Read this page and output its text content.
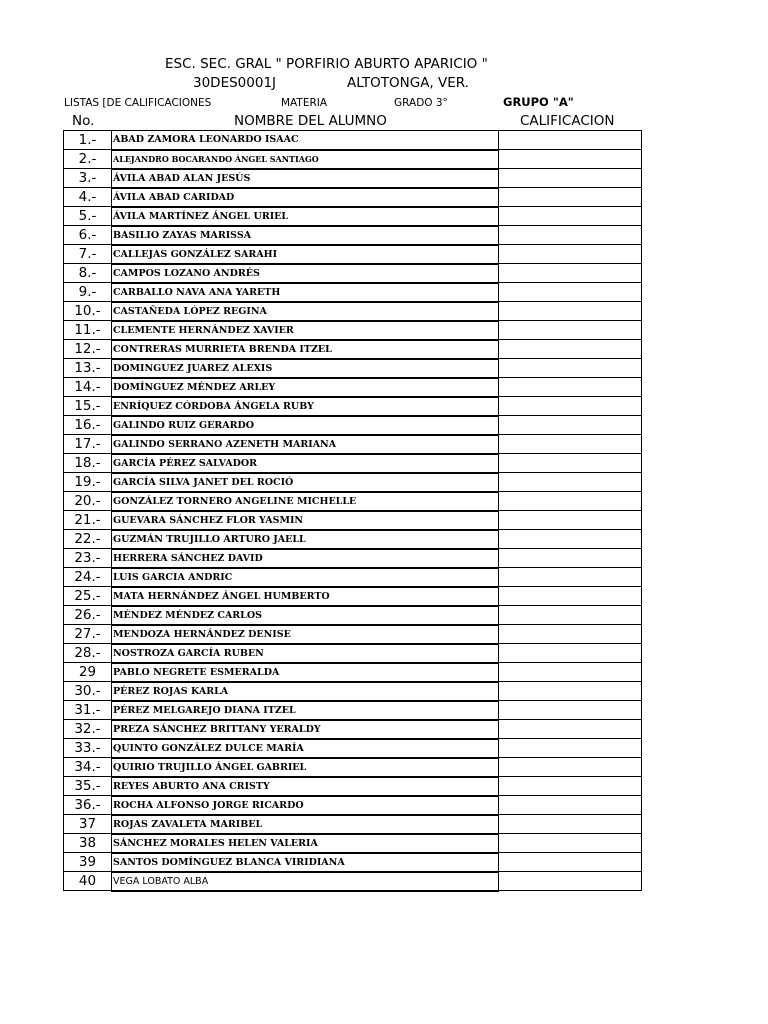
ESC. SEC. GRAL " PORFIRIO ABURTO APARICIO "
30DES0001J	ALTOTONGA, VER.
LISTAS [DE CALIFICACIONES	MATERIA	GRADO 3°	GRUPO "A"
No.	NOMBRE DEL ALUMNO	CALIFICACION
1.-	ABAD ZAMORA LEONARDO ISAAC	
2.-	ALEJANDRO BOCARANDO ÁNGEL SANTIAGO	
3.-	ÁVILA ABAD ALAN JESÚS	
4.-	ÁVILA ABAD CARIDAD	
5.-	ÁVILA MARTÍNEZ ÁNGEL URIEL	
6.-	BASILIO ZAYAS MARISSA	
7.-	CALLEJAS GONZÁLEZ SARAHI	
8.-	CAMPOS LOZANO ANDRÉS	
9.-	CARBALLO NAVA ANA YARETH	
10.-	CASTAÑEDA LÓPEZ REGINA	
11.-	CLEMENTE HERNÁNDEZ XAVIER	
12.-	CONTRERAS MURRIETA BRENDA ITZEL	
13.-	DOMINGUEZ JUAREZ ALEXIS	
14.-	DOMÍNGUEZ MÉNDEZ ARLEY	
15.-	ENRÍQUEZ CÓRDOBA ÁNGELA RUBY	
16.-	GALINDO RUIZ GERARDO	
17.-	GALINDO SERRANO AZENETH MARIANA	
18.-	GARCÍA PÉREZ SALVADOR	
19.-	GARCÍA SILVA JANET DEL ROCIÓ	
20.-	GONZÁLEZ TORNERO ANGELINE MICHELLE	
21.-	GUEVARA SÁNCHEZ FLOR YASMIN	
22.-	GUZMÁN TRUJILLO ARTURO JAELL	
23.-	HERRERA SÁNCHEZ DAVID	
24.-	LUIS GARCIA ANDRIC	
25.-	MATA HERNÁNDEZ ÁNGEL HUMBERTO	
26.-	MÉNDEZ MÉNDEZ CARLOS	
27.-	MENDOZA HERNÁNDEZ DENISE	
28.-	NOSTROZA GARCÍA RUBEN	
29	PABLO NEGRETE ESMERALDA	
30.-	PÉREZ ROJAS KARLA	
31.-	PÉREZ MELGAREJO DIANA ITZEL	
32.-	PREZA SÁNCHEZ BRITTANY YERALDY	
33.-	QUINTO GONZÁLEZ DULCE MARÍA	
34.-	QUIRIO TRUJILLO ÁNGEL GABRIEL	
35.-	REYES ABURTO ANA CRISTY	
36.-	ROCHA ALFONSO JORGE RICARDO	
37	ROJAS ZAVALETA MARIBEL	
38	SÁNCHEZ MORALES HELEN VALERIA	
39	SANTOS DOMÍNGUEZ BLANCA VIRIDIANA	
40	VEGA LOBATO ALBA	
